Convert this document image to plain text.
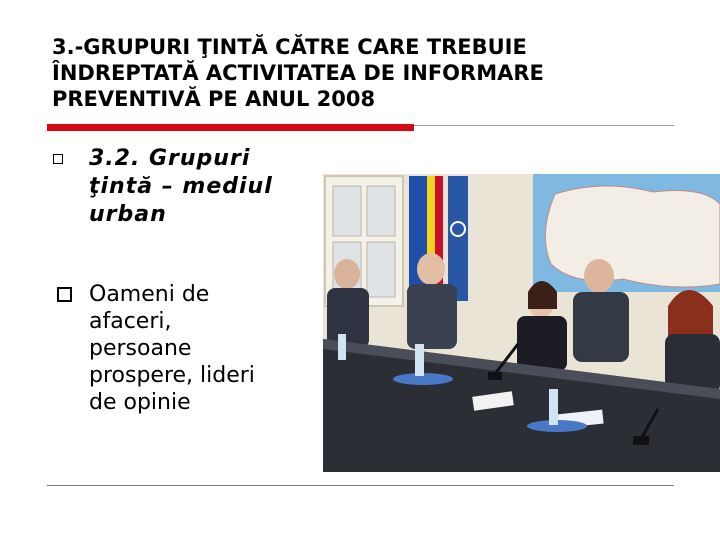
3.-GRUPURI ŢINTĂ CĂTRE CARE TREBUIE
ÎNDREPTATĂ ACTIVITATEA DE INFORMARE
PREVENTIVĂ PE ANUL 2008
3.2. Grupuri
ţintă – mediul
urban
Oameni de
afaceri,
persoane
prospere, lideri
de opinie
